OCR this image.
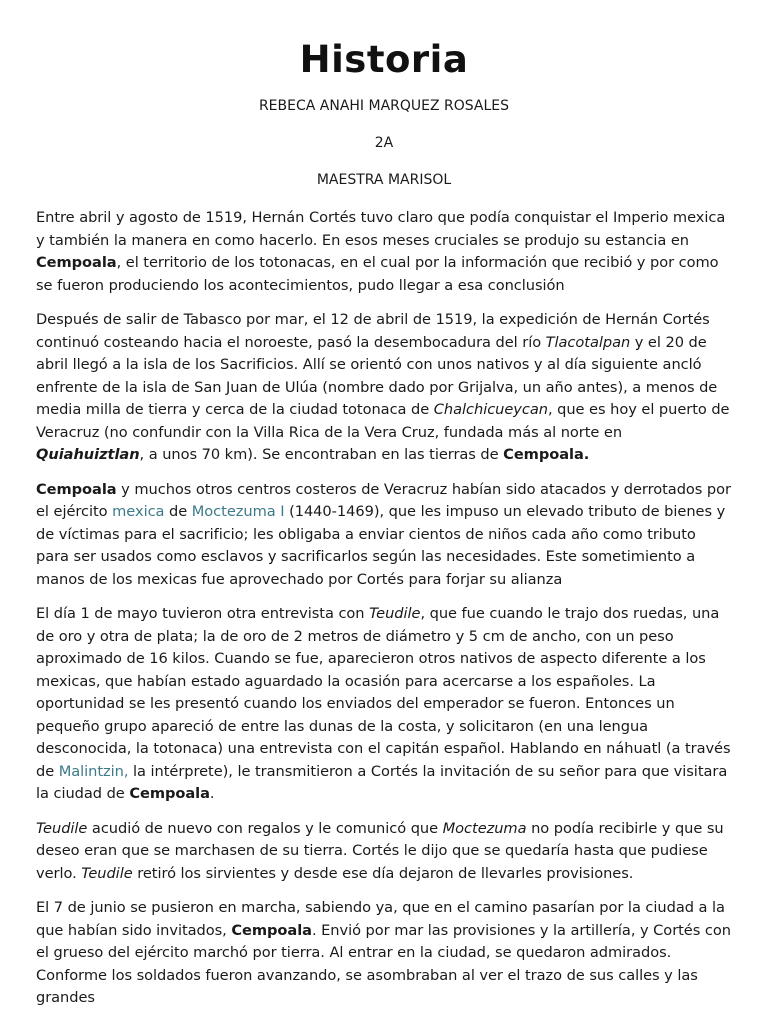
Historia

REBECA ANAHI MARQUEZ ROSALES

2A

MAESTRA MARISOL

Entre abril y agosto de 1519, Hernán Cortés tuvo claro que podía conquistar el Imperio mexica y también la manera en como hacerlo. En esos meses cruciales se produjo su estancia en Cempoala, el territorio de los totonacas, en el cual por la información que recibió y por como se fueron produciendo los acontecimientos, pudo llegar a esa conclusión

Después de salir de Tabasco por mar, el 12 de abril de 1519, la expedición de Hernán Cortés continuó costeando hacia el noroeste, pasó la desembocadura del río Tlacotalpan y el 20 de abril llegó a la isla de los Sacrificios. Allí se orientó con unos nativos y al día siguiente ancló enfrente de la isla de San Juan de Ulúa (nombre dado por Grijalva, un año antes), a menos de media milla de tierra y cerca de la ciudad totonaca de Chalchicueycan, que es hoy el puerto de Veracruz (no confundir con la Villa Rica de la Vera Cruz, fundada más al norte en Quiahuiztlan, a unos 70 km). Se encontraban en las tierras de Cempoala.

Cempoala y muchos otros centros costeros de Veracruz habían sido atacados y derrotados por el ejército mexica de Moctezuma I (1440-1469), que les impuso un elevado tributo de bienes y de víctimas para el sacrificio; les obligaba a enviar cientos de niños cada año como tributo para ser usados como esclavos y sacrificarlos según las necesidades. Este sometimiento a manos de los mexicas fue aprovechado por Cortés para forjar su alianza

El día 1 de mayo tuvieron otra entrevista con Teudile, que fue cuando le trajo dos ruedas, una de oro y otra de plata; la de oro de 2 metros de diámetro y 5 cm de ancho, con un peso aproximado de 16 kilos. Cuando se fue, aparecieron otros nativos de aspecto diferente a los mexicas, que habían estado aguardado la ocasión para acercarse a los españoles. La oportunidad se les presentó cuando los enviados del emperador se fueron. Entonces un pequeño grupo apareció de entre las dunas de la costa, y solicitaron (en una lengua desconocida, la totonaca) una entrevista con el capitán español. Hablando en náhuatl (a través de Malintzin, la intérprete), le transmitieron a Cortés la invitación de su señor para que visitara la ciudad de Cempoala.

Teudile acudió de nuevo con regalos y le comunicó que Moctezuma no podía recibirle y que su deseo eran que se marchasen de su tierra. Cortés le dijo que se quedaría hasta que pudiese verlo. Teudile retiró los sirvientes y desde ese día dejaron de llevarles provisiones.

El 7 de junio se pusieron en marcha, sabiendo ya, que en el camino pasarían por la ciudad a la que habían sido invitados, Cempoala. Envió por mar las provisiones y la artillería, y Cortés con el grueso del ejército marchó por tierra. Al entrar en la ciudad, se quedaron admirados. Conforme los soldados fueron avanzando, se asombraban al ver el trazo de sus calles y las grandes
